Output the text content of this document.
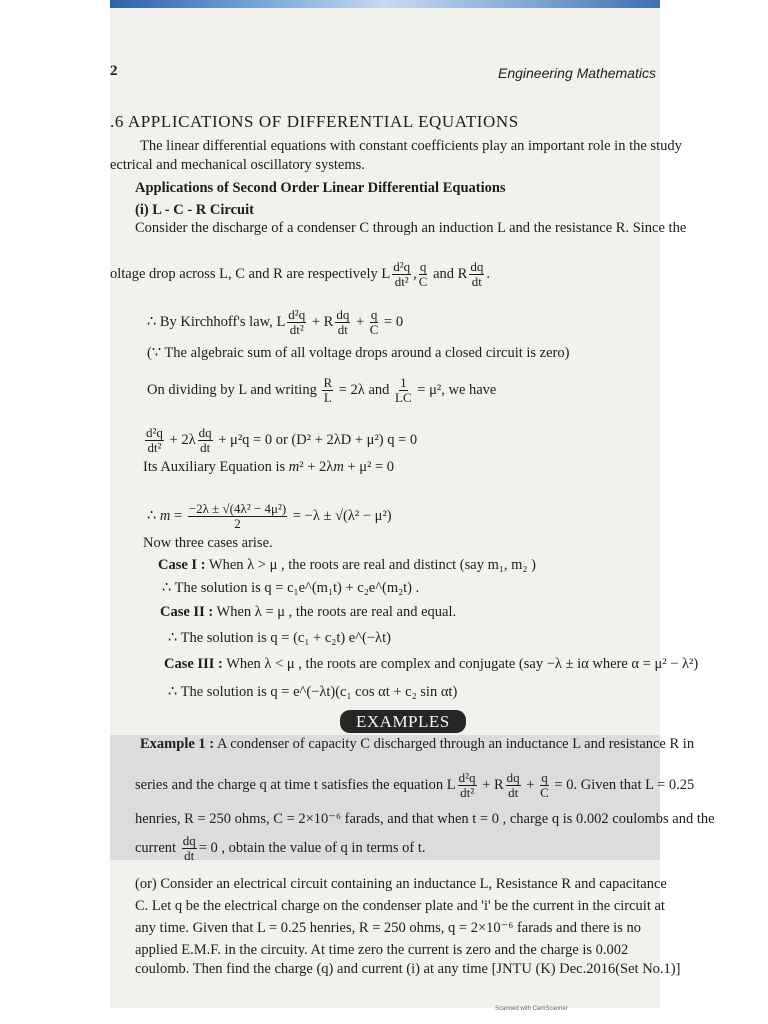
2	Engineering Mathematics
.6 APPLICATIONS OF DIFFERENTIAL EQUATIONS
The linear differential equations with constant coefficients play an important role in the study
ectrical and mechanical oscillatory systems.
Applications of Second Order Linear Differential Equations
(i) L - C - R Circuit
Consider the discharge of a condenser C through an induction L and the resistance R. Since the
oltage drop across L, C and R are respectively L $\frac{\text{d²q}}{\text{dt²}}$ , $\frac{q}{C}$ and R $\frac{dq}{dt}$ .
∴ By Kirchhoff's law, L $\frac{\text{d²q}}{\text{dt²}} + R \frac{dq}{dt} + \frac{q}{C} = 0$
(∵ The algebraic sum of all voltage drops around a closed circuit is zero)
On dividing by L and writing $\frac{R}{L} = 2\lambda$ and $\frac{1}{LC} = \mu^2$, we have
$\frac{\text{d²q}}{\text{dt²}} + 2\lambda \frac{dq}{dt} + \mu^2q = 0$ or (D² + 2λD + μ²) q = 0
Its Auxiliary Equation is m² + 2λm + μ² = 0
∴ $m = \frac{\text{−2λ ± √(4λ² − 4μ²)}}{2} = -\lambda \pm √(\lambda^2 - \mu^2)$
Now three cases arise.
Case I : When λ > μ , the roots are real and distinct (say m₁, m₂ )
∴ The solution is q = c₁e^(m₁t) + c₂e^(m₂t) .
Case II : When λ = μ , the roots are real and equal.
∴ The solution is q = (c₁ + c₂t) e^(−λt)
Case III : When λ < μ , the roots are complex and conjugate (say −λ ± iα where α = μ² − λ²)
∴ The solution is q = e^(−λt)(c₁ cos αt + c₂ sin αt)
EXAMPLES
Example 1 : A condenser of capacity C discharged through an inductance L and resistance R in
series and the charge q at time t satisfies the equation L $\frac{\text{d²q}}{\text{dt²}} + R \frac{dq}{dt} + \frac{q}{C} = 0$. Given that L = 0.25
henries, R = 250 ohms, C = 2×10⁻⁶ farads, and that when t = 0 , charge q is 0.002 coulombs and the
current $\frac{dq}{dt} = 0$ , obtain the value of q in terms of t.
(or) Consider an electrical circuit containing an inductance L, Resistance R and capacitance
C. Let q be the electrical charge on the condenser plate and 'i' be the current in the circuit at
any time. Given that L = 0.25 henries, R = 250 ohms, q = 2×10⁻⁶ farads and there is no
applied E.M.F. in the circuity. At time zero the current is zero and the charge is 0.002
coulomb. Then find the charge (q) and current (i) at any time [JNTU (K) Dec.2016(Set No.1)]
Scanned with CamScanner
